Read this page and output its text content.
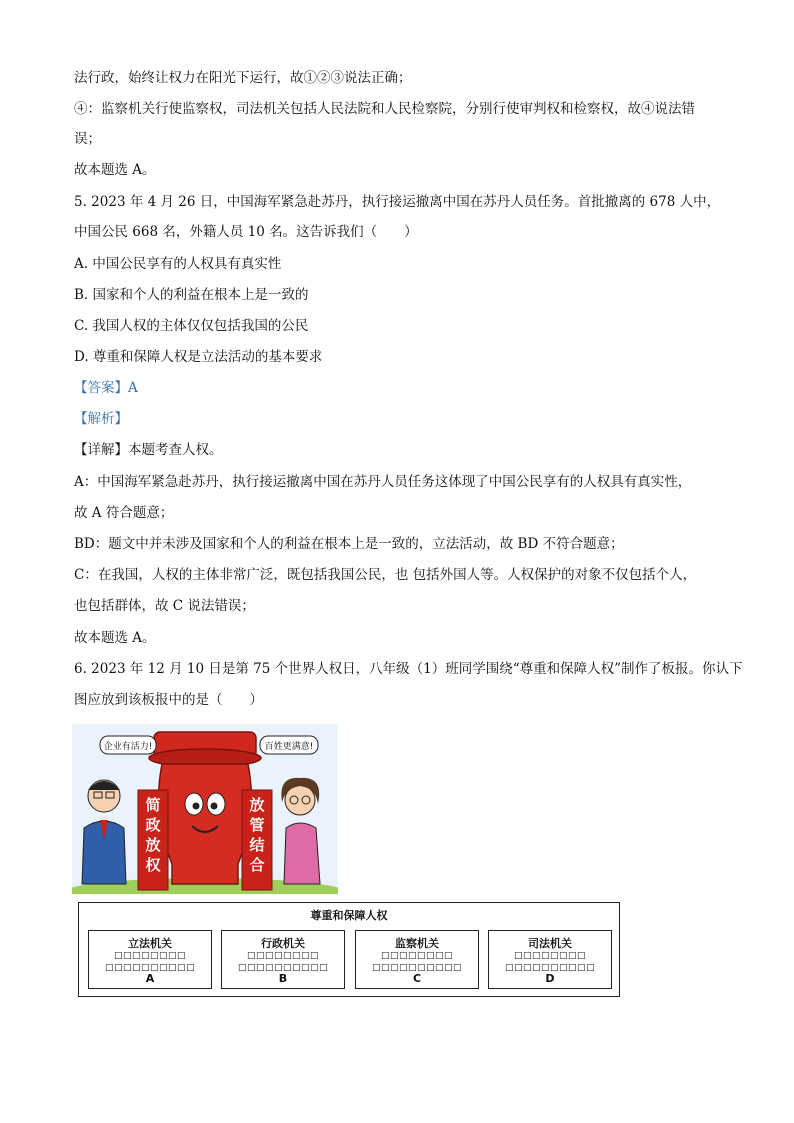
法行政，始终让权力在阳光下运行，故①②③说法正确；
④：监察机关行使监察权，司法机关包括人民法院和人民检察院，分别行使审判权和检察权，故④说法错
误；
故本题选 A。
5. 2023 年 4 月 26 日，中国海军紧急赴苏丹，执行接运撤离中国在苏丹人员任务。首批撤离的 678 人中，
中国公民 668 名，外籍人员 10 名。这告诉我们（　　）
A. 中国公民享有的人权具有真实性
B. 国家和个人的利益在根本上是一致的
C. 我国人权的主体仅仅包括我国的公民
D. 尊重和保障人权是立法活动的基本要求
【答案】A
【解析】
【详解】本题考查人权。
A：中国海军紧急赴苏丹，执行接运撤离中国在苏丹人员任务这体现了中国公民享有的人权具有真实性，
故 A 符合题意；
BD：题文中并未涉及国家和个人的利益在根本上是一致的，立法活动，故 BD 不符合题意；
C：在我国，人权的主体非常广泛，既包括我国公民，也 包括外国人等。人权保护的对象不仅包括个人，
也包括群体，故 C 说法错误；
故本题选 A。
6. 2023 年 12 月 10 日是第 75 个世界人权日，八年级（1）班同学围绕“尊重和保障人权”制作了板报。你认下
图应放到该板报中的是（　　）
简
政
放
权
放
管
结
合
企业有活力!	百姓更满意!
尊重和保障人权
立法机关
□□□□□□□□
□□□□□□□□□□
A
行政机关
□□□□□□□□
□□□□□□□□□□
B
监察机关
□□□□□□□□
□□□□□□□□□□
C
司法机关
□□□□□□□□
□□□□□□□□□□
D
